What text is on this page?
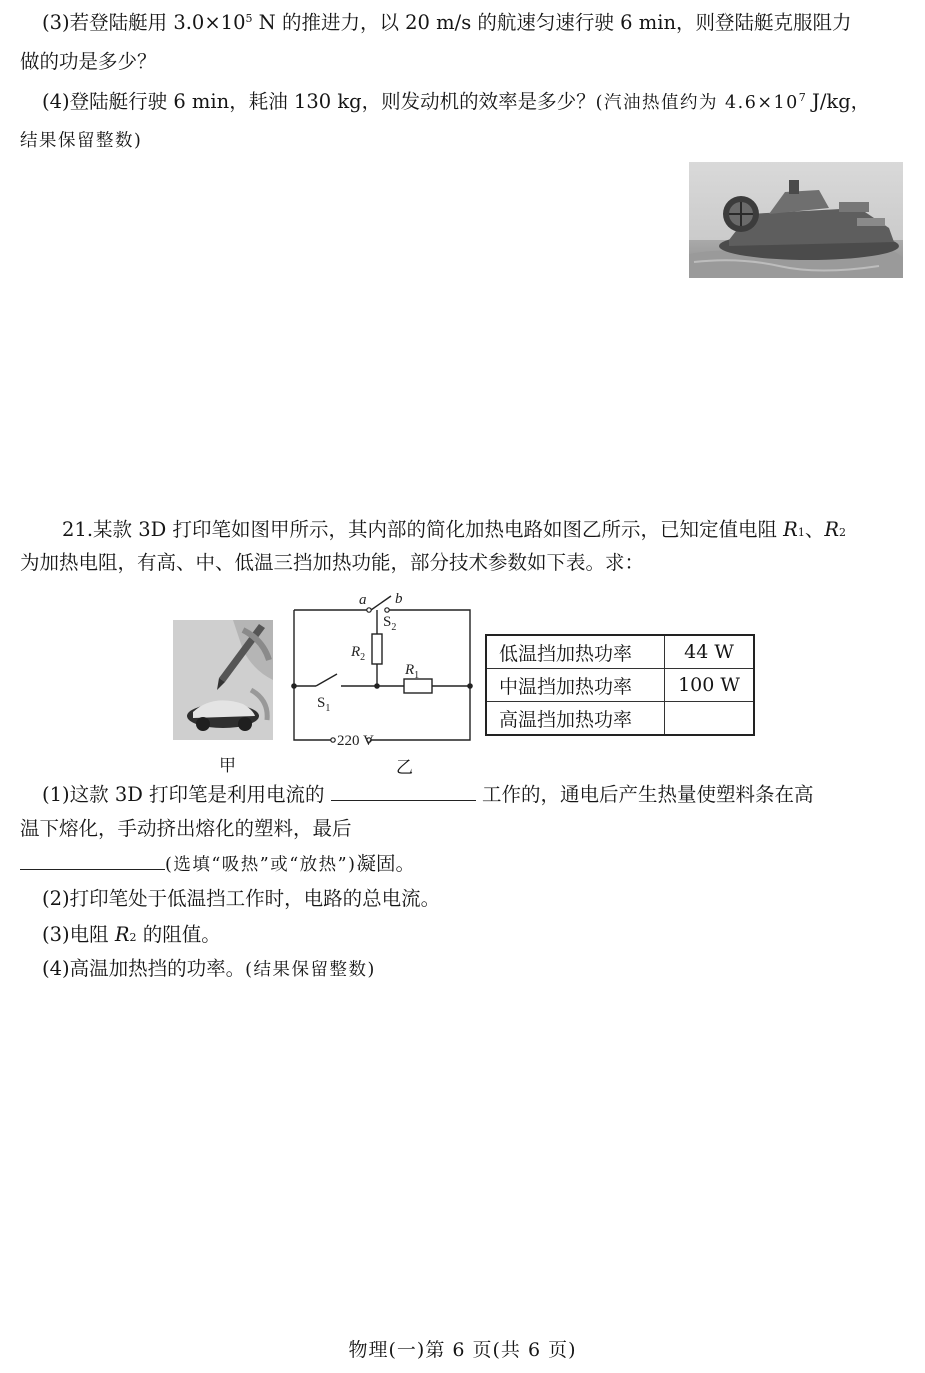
(3)若登陆艇用 $3.0\times 10^5$ N 的推进力，以 20 m/s 的航速匀速行驶 6 min，则登陆艇克服阻力
做的功是多少？
(4)登陆艇行驶 6 min，耗油 130 kg，则发动机的效率是多少？(汽油热值约为 $4.6\times 10^7$ J/kg，
结果保留整数)
21.某款 3D 打印笔如图甲所示，其内部的简化加热电路如图乙所示，已知定值电阻 $R_1$、$R_2$
为加热电阻，有高、中、低温三挡加热功能，部分技术参数如下表。求：
甲
a b
$S_2$
$R_2$
$R_1$
$S_1$
220 V
乙
低温挡加热功率	44 W
中温挡加热功率	100 W
高温挡加热功率	
(1)这款 3D 打印笔是利用电流的	工作的，通电后产生热量使塑料条在高
温下熔化，手动挤出熔化的塑料，最后
(选填“吸热”或“放热”)凝固。
(2)打印笔处于低温挡工作时，电路的总电流。
(3)电阻 $R_2$ 的阻值。
(4)高温加热挡的功率。(结果保留整数)
物理(一)第 6 页(共 6 页)
